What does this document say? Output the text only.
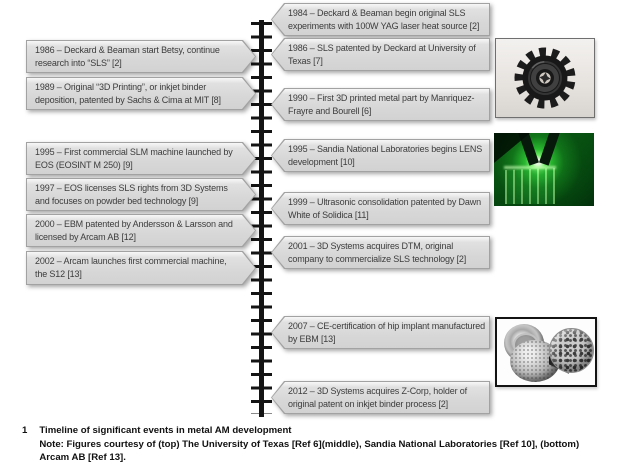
1986 – Deckard & Beaman start Betsy, continue research into “SLS” [2]
1989 – Original “3D Printing”, or inkjet binder deposition, patented by Sachs & Cima at MIT [8]
1995 – First commercial SLM machine launched by EOS (EOSINT M 250) [9]
1997 – EOS licenses SLS rights from 3D Systems and focuses on powder bed technology [9]
2000 – EBM patented by Andersson & Larsson and licensed by Arcam AB [12]
2002 – Arcam launches first commercial machine, the S12 [13]
1984 – Deckard & Beaman begin original SLS experiments with 100W YAG laser heat source [2]
1986 – SLS patented by Deckard at University of Texas [7]
1990 – First 3D printed metal part by Manriquez-Frayre and Bourell [6]
1995 – Sandia National Laboratories begins LENS development [10]
1999 – Ultrasonic consolidation patented by Dawn White of Solidica [11]
2001 – 3D Systems acquires DTM, original company to commercialize SLS technology [2]
2007 – CE-certification of hip implant manufactured by EBM [13]
2012 – 3D Systems acquires Z-Corp, holder of original patent on inkjet binder process [2]
1 Timeline of significant events in metal AM development
Note: Figures courtesy of (top) The University of Texas [Ref 6](middle), Sandia National Laboratories [Ref 10], (bottom) Arcam AB [Ref 13].
